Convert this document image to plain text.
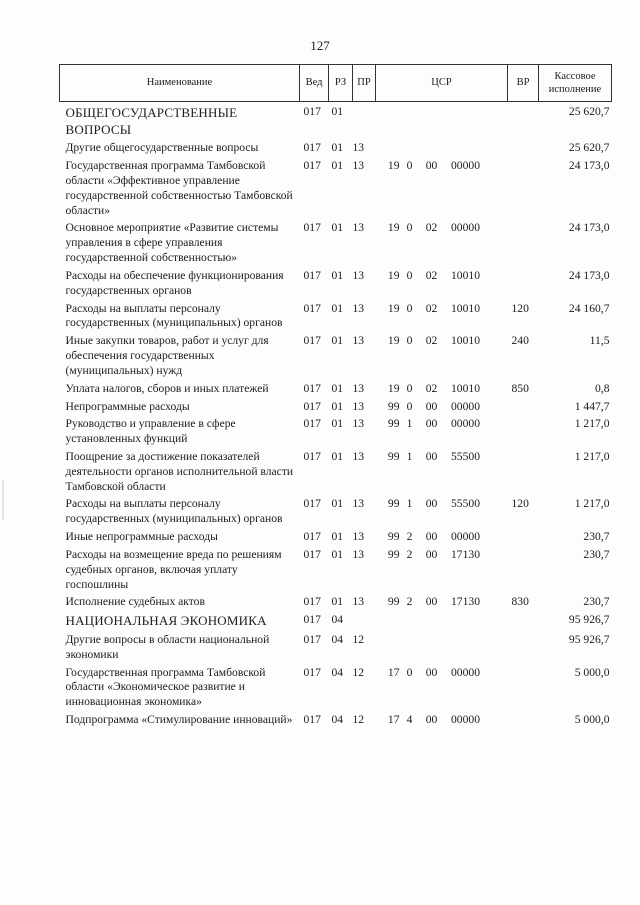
127
Наименование	Вед	РЗ	ПР	ЦСР	ВР	Кассовое исполнение
ОБЩЕГОСУДАРСТВЕННЫЕ ВОПРОСЫ	017	01				25 620,7
Другие общегосударственные вопросы	017	01	13			25 620,7
Государственная программа Тамбовской области «Эффективное управление государственной собственностью Тамбовской области»	017	01	13	19 0 00 00000		24 173,0
Основное мероприятие «Развитие системы управления в сфере управления государственной собственностью»	017	01	13	19 0 02 00000		24 173,0
Расходы на обеспечение функционирования государственных органов	017	01	13	19 0 02 10010		24 173,0
Расходы на выплаты персоналу государственных (муниципальных) органов	017	01	13	19 0 02 10010	120	24 160,7
Иные закупки товаров, работ и услуг для обеспечения государственных (муниципальных) нужд	017	01	13	19 0 02 10010	240	11,5
Уплата налогов, сборов и иных платежей	017	01	13	19 0 02 10010	850	0,8
Непрограммные расходы	017	01	13	99 0 00 00000		1 447,7
Руководство и управление в сфере установленных функций	017	01	13	99 1 00 00000		1 217,0
Поощрение за достижение показателей деятельности органов исполнительной власти Тамбовской области	017	01	13	99 1 00 55500		1 217,0
Расходы на выплаты персоналу государственных (муниципальных) органов	017	01	13	99 1 00 55500	120	1 217,0
Иные непрограммные расходы	017	01	13	99 2 00 00000		230,7
Расходы на возмещение вреда по решениям судебных органов, включая уплату госпошлины	017	01	13	99 2 00 17130		230,7
Исполнение судебных актов	017	01	13	99 2 00 17130	830	230,7
НАЦИОНАЛЬНАЯ ЭКОНОМИКА	017	04				95 926,7
Другие вопросы в области национальной экономики	017	04	12			95 926,7
Государственная программа Тамбовской области «Экономическое развитие и инновационная экономика»	017	04	12	17 0 00 00000		5 000,0
Подпрограмма «Стимулирование инноваций»	017	04	12	17 4 00 00000		5 000,0
